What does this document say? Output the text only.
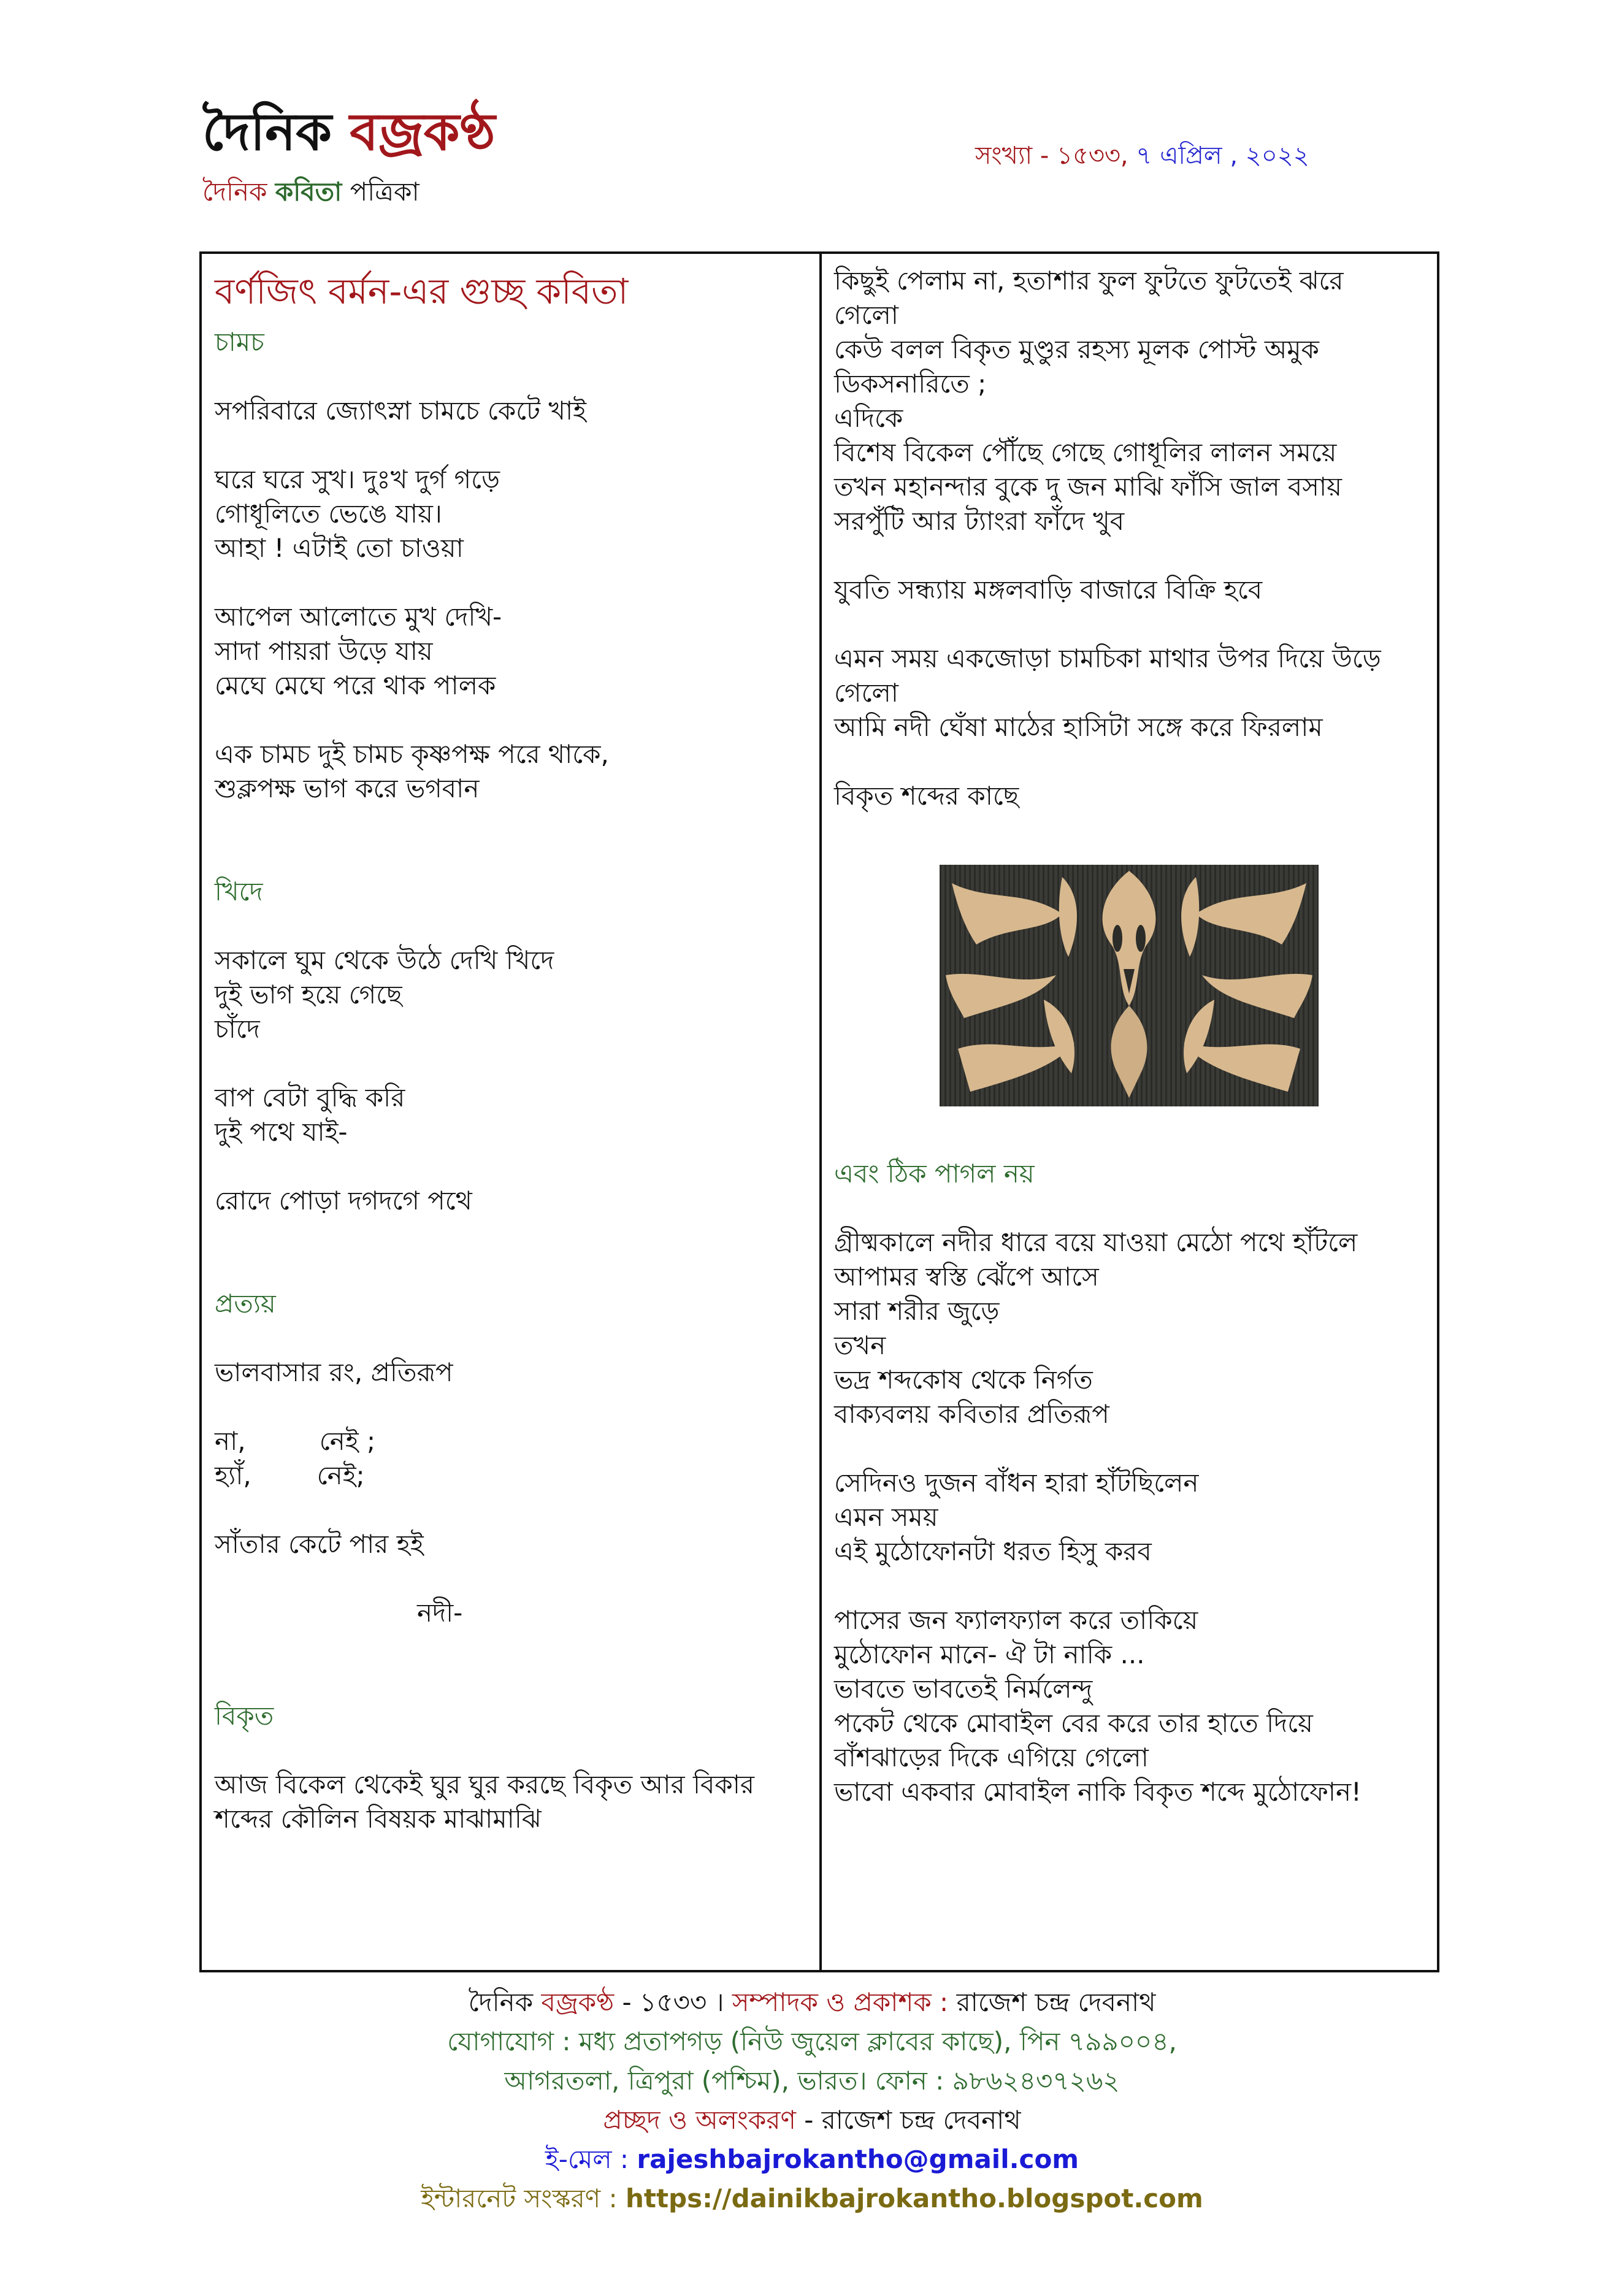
দৈনিক বজ্রকণ্ঠ
দৈনিক কবিতা পত্রিকা
সংখ্যা - ১৫৩৩, ৭ এপ্রিল , ২০২২
বর্ণজিৎ বর্মন-এর গুচ্ছ কবিতা
চামচ
সপরিবারে জ্যোৎস্না চামচে কেটে খাই
ঘরে ঘরে সুখ। দুঃখ দুর্গ গড়ে
গোধূলিতে ভেঙে যায়।
আহা ! এটাই তো চাওয়া
আপেল আলোতে মুখ দেখি-
সাদা পায়রা উড়ে যায়
মেঘে মেঘে পরে থাক পালক
এক চামচ দুই চামচ কৃষ্ণপক্ষ পরে থাকে,
শুক্লপক্ষ ভাগ করে ভগবান
খিদে
সকালে ঘুম থেকে উঠে দেখি খিদে
দুই ভাগ হয়ে গেছে
চাঁদে
বাপ বেটা বুদ্ধি করি
দুই পথে যাই-
রোদে পোড়া দগদগে পথে
প্রত্যয়
ভালবাসার রং, প্রতিরূপ
না,         নেই ;
হ্যাঁ,        নেই;
সাঁতার কেটে পার হই
নদী-
বিকৃত
আজ বিকেল থেকেই ঘুর ঘুর করছে বিকৃত আর বিকার
শব্দের কৌলিন বিষয়ক মাঝামাঝি
কিছুই পেলাম না, হতাশার ফুল ফুটতে ফুটতেই ঝরে
গেলো
কেউ বলল বিকৃত মুণ্ডুর রহস্য মূলক পোস্ট অমুক
ডিকসনারিতে ;
এদিকে
বিশেষ বিকেল পৌঁছে গেছে গোধূলির লালন সময়ে
তখন মহানন্দার বুকে দু জন মাঝি ফাঁসি জাল বসায়
সরপুঁটি আর ট্যাংরা ফাঁদে খুব
যুবতি সন্ধ্যায় মঙ্গলবাড়ি বাজারে বিক্রি হবে
এমন সময় একজোড়া চামচিকা মাথার উপর দিয়ে উড়ে
গেলো
আমি নদী ঘেঁষা মাঠের হাসিটা সঙ্গে করে ফিরলাম
বিকৃত শব্দের কাছে
এবং ঠিক পাগল নয়
গ্রীষ্মকালে নদীর ধারে বয়ে যাওয়া মেঠো পথে হাঁটলে
আপামর স্বস্তি ঝেঁপে আসে
সারা শরীর জুড়ে
তখন
ভদ্র শব্দকোষ থেকে নির্গত
বাক্যবলয় কবিতার প্রতিরূপ
সেদিনও দুজন বাঁধন হারা হাঁটছিলেন
এমন সময়
এই মুঠোফোনটা ধরত হিসু করব
পাসের জন ফ্যালফ্যাল করে তাকিয়ে
মুঠোফোন মানে- ঐ টা নাকি ...
ভাবতে ভাবতেই নির্মলেন্দু
পকেট থেকে মোবাইল বের করে তার হাতে দিয়ে
বাঁশঝাড়ের দিকে এগিয়ে গেলো
ভাবো একবার মোবাইল নাকি বিকৃত শব্দে মুঠোফোন!
দৈনিক বজ্রকণ্ঠ - ১৫৩৩ । সম্পাদক ও প্রকাশক : রাজেশ চন্দ্র দেবনাথ
যোগাযোগ : মধ্য প্রতাপগড় (নিউ জুয়েল ক্লাবের কাছে), পিন ৭৯৯০০৪,
আগরতলা, ত্রিপুরা (পশ্চিম), ভারত। ফোন : ৯৮৬২৪৩৭২৬২
প্রচ্ছদ ও অলংকরণ - রাজেশ চন্দ্র দেবনাথ
ই-মেল : rajeshbajrokantho@gmail.com
ইন্টারনেট সংস্করণ : https://dainikbajrokantho.blogspot.com
